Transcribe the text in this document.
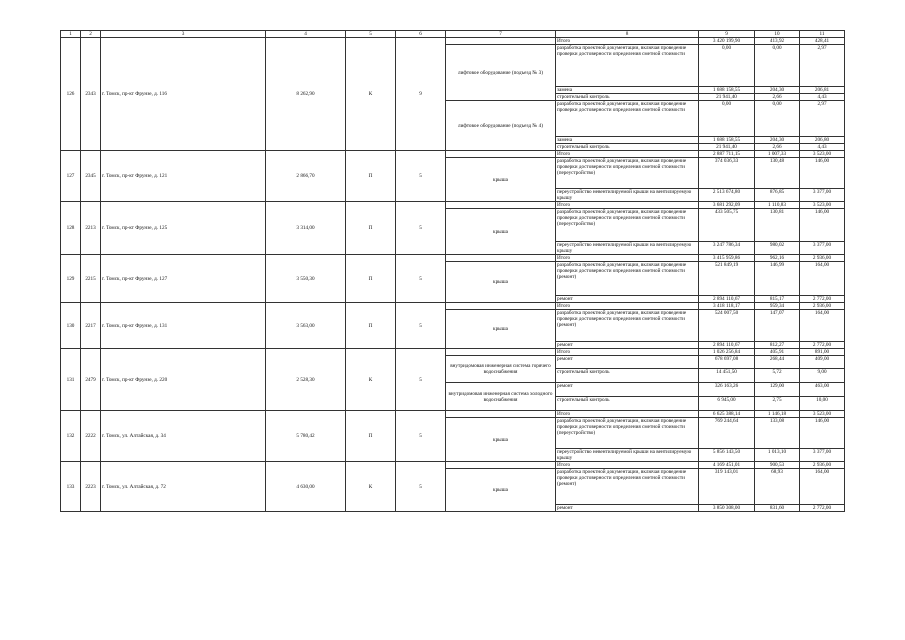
1	2	3	4	5	6	7	8	9	10	11
126	2343	г. Томск, пр-кт Фрунзе, д. 116	8 262,90	К	9		Итого	3 420 199,90	413,92	428,41
						лифтовое оборудование (подъезд № 3)	разработка проектной документации, включая проведение проверки достоверности определения сметной стоимости	0,00	0,00	2,97
							замена	1 688 158,55	204,30	206,81
							строительный контроль	21 941,40	2,66	4,43
						лифтовое оборудование (подъезд № 4)	разработка проектной документации, включая проведение проверки достоверности определения сметной стоимости	0,00	0,00	2,97
							замена	1 688 158,55	204,30	206,80
							строительный контроль	21 941,40	2,66	4,43
127	2345	г. Томск, пр-кт Фрунзе, д. 121	2 866,70	П	5		Итого	2 887 711,15	1 007,33	3 523,00
						крыша	разработка проектной документации, включая проведение проверки достоверности определения сметной стоимости (переустройство)	374 036,33	130,48	146,00
							переустройство невентилируемой крыши на вентилируемую крышу	2 513 674,80	876,85	3 377,00
128	2213	г. Томск, пр-кт Фрунзе, д. 125	3 314,00	П	5		Итого	3 681 292,09	1 110,83	3 523,00
						крыша	разработка проектной документации, включая проведение проверки достоверности определения сметной стоимости (переустройство)	433 505,75	130,81	146,00
							переустройство невентилируемой крыши на вентилируемую крышу	3 247 786,34	980,02	3 377,00
129	2215	г. Томск, пр-кт Фрунзе, д. 127	3 550,30	П	5		Итого	3 415 959,86	962,16	2 936,00
						крыша	разработка проектной документации, включая проведение проверки достоверности определения сметной стоимости (ремонт)	521 849,19	146,99	164,00
							ремонт	2 894 110,67	815,17	2 772,00
130	2217	г. Томск, пр-кт Фрунзе, д. 131	3 563,00	П	5		Итого	3 418 118,17	959,34	2 936,00
						крыша	разработка проектной документации, включая проведение проверки достоверности определения сметной стоимости (ремонт)	524 007,50	147,07	164,00
							ремонт	2 894 110,67	812,27	2 772,00
131	2479	г. Томск, пр-кт Фрунзе, д. 220	2 528,30	К	5		Итого	1 026 256,84	405,91	891,00
						внутридомовая инженерная система горячего водоснабжения	ремонт	678 697,08	268,44	409,00
							строительный контроль	14 451,50	5,72	9,00
						внутридомовая инженерная система холодного водоснабжения	ремонт	326 163,26	129,00	463,00
							строительный контроль	6 945,00	2,75	10,00
132	2222	г. Томск, ул. Алтайская, д. 34	5 780,42	П	5		Итого	6 625 388,14	1 146,18	3 523,00
						крыша	разработка проектной документации, включая проведение проверки достоверности определения сметной стоимости (переустройство)	769 244,64	133,08	146,00
							переустройство невентилируемой крыши на вентилируемую крышу	5 856 143,50	1 013,10	3 377,00
133	2223	г. Томск, ул. Алтайская, д. 72	4 630,00	К	5		Итого	4 169 451,01	900,53	2 936,00
						крыша	разработка проектной документации, включая проведение проверки достоверности определения сметной стоимости (ремонт)	319 143,01	68,93	164,00
							ремонт	3 850 308,00	831,60	2 772,00
